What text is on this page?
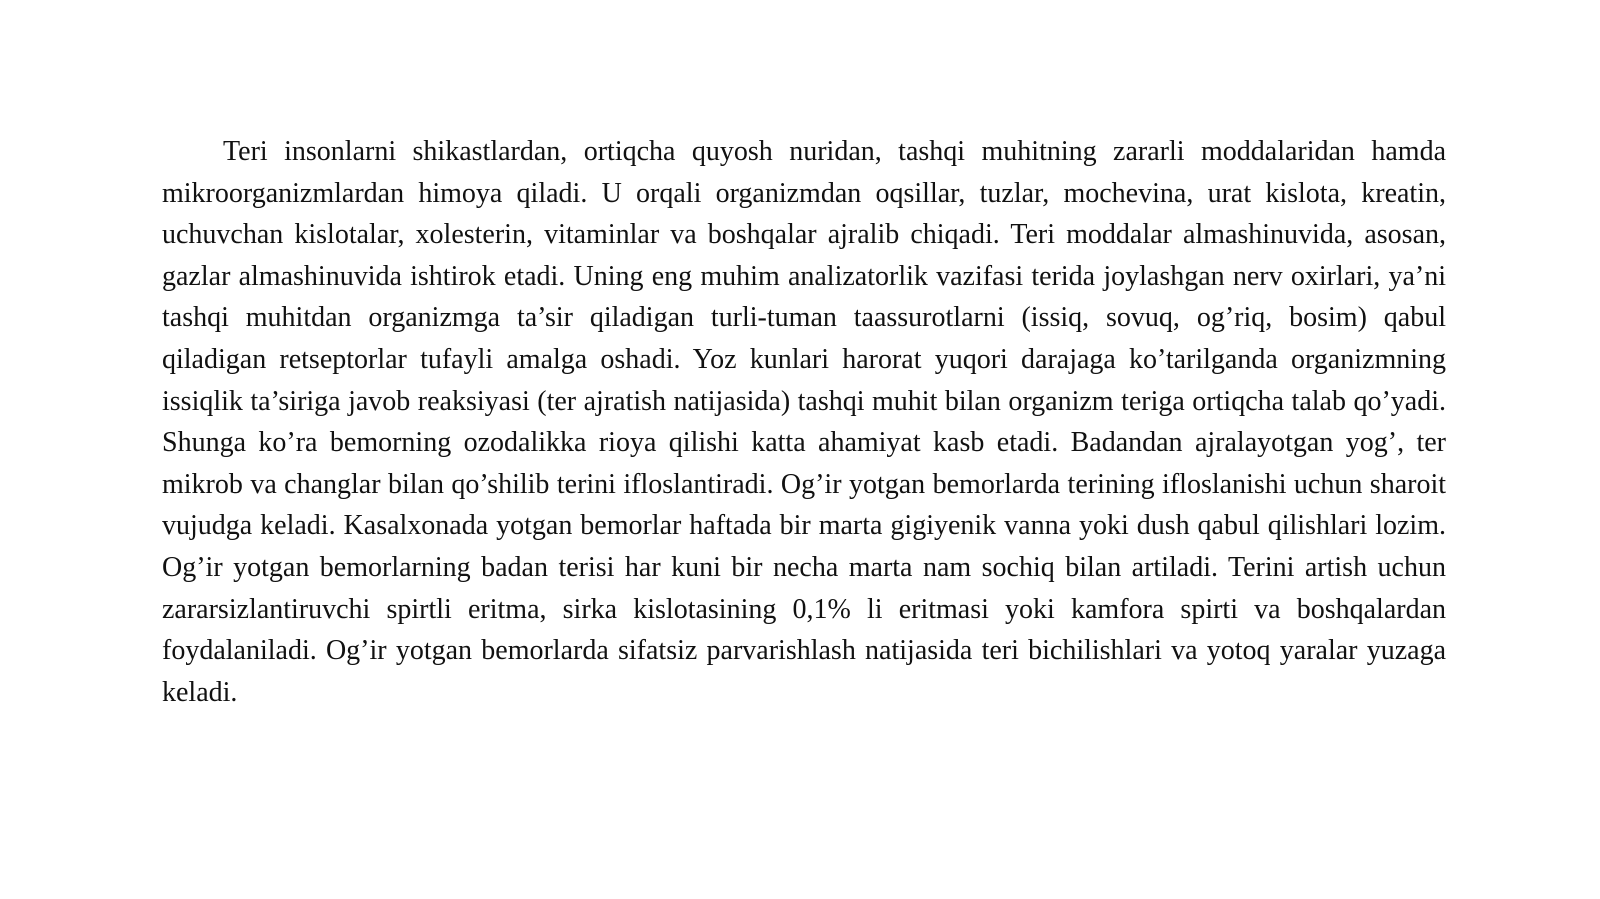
Teri insonlarni shikastlardan, ortiqcha quyosh nuridan, tashqi muhitning zararli moddalaridan hamda mikroorganizmlardan himoya qiladi. U orqali organizmdan oqsillar, tuzlar, mochevina, urat kislota, kreatin, uchuvchan kislotalar, xolesterin, vitaminlar va boshqalar ajralib chiqadi. Teri moddalar almashinuvida, asosan, gazlar almashinuvida ishtirok etadi. Uning eng muhim analizatorlik vazifasi terida joylashgan nerv oxirlari, ya’ni tashqi muhitdan organizmga ta’sir qiladigan turli-tuman taassurotlarni (issiq, sovuq, og’riq, bosim) qabul qiladigan retseptorlar tufayli amalga oshadi. Yoz kunlari harorat yuqori darajaga ko’tarilganda organizmning issiqlik ta’siriga javob reaksiyasi (ter ajratish natijasida) tashqi muhit bilan organizm teriga ortiqcha talab qo’yadi. Shunga ko’ra bemorning ozodalikka rioya qilishi katta ahamiyat kasb etadi. Badandan ajralayotgan yog’, ter mikrob va changlar bilan qo’shilib terini ifloslantiradi. Og’ir yotgan bemorlarda terining ifloslanishi uchun sharoit vujudga keladi. Kasalxonada yotgan bemorlar haftada bir marta gigiyenik vanna yoki dush qabul qilishlari lozim. Og’ir yotgan bemorlarning badan terisi har kuni bir necha marta nam sochiq bilan artiladi. Terini artish uchun zararsizlantiruvchi spirtli eritma, sirka kislotasining 0,1% li eritmasi yoki kamfora spirti va boshqalardan foydalaniladi. Og’ir yotgan bemorlarda sifatsiz parvarishlash natijasida teri bichilishlari va yotoq yaralar yuzaga keladi.
